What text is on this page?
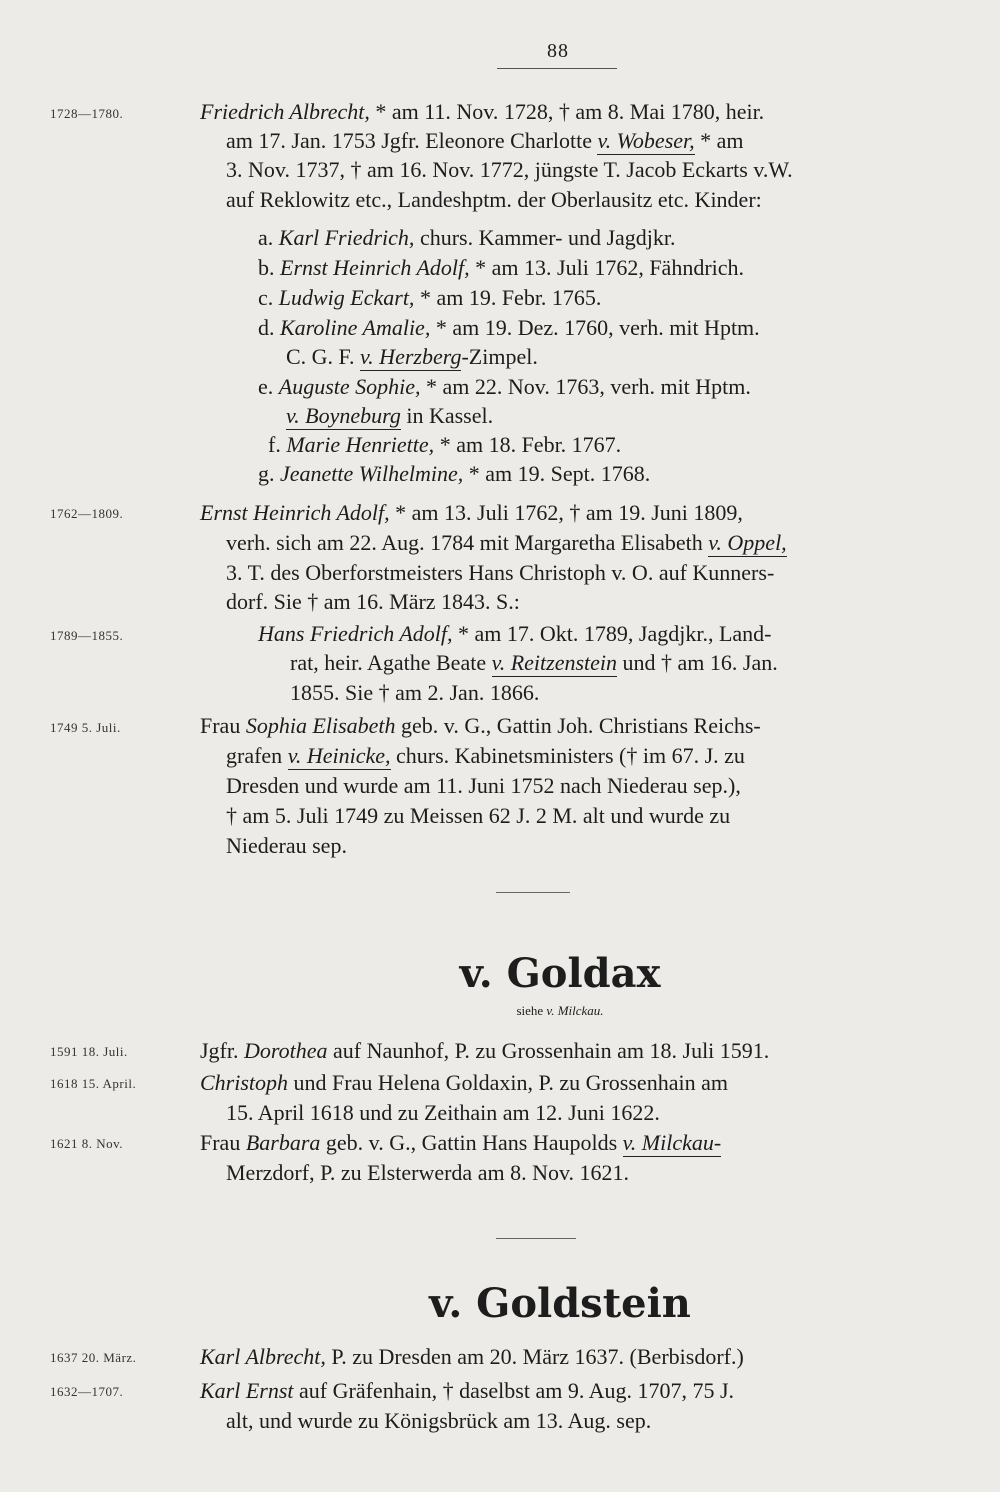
88
1728—1780.	Friedrich Albrecht, * am 11. Nov. 1728, † am 8. Mai 1780, heir.
am 17. Jan. 1753 Jgfr. Eleonore Charlotte v. Wobeser, * am
3. Nov. 1737, † am 16. Nov. 1772, jüngste T. Jacob Eckarts v.W.
auf Reklowitz etc., Landeshptm. der Oberlausitz etc. Kinder:
a. Karl Friedrich, churs. Kammer- und Jagdjkr.
b. Ernst Heinrich Adolf, * am 13. Juli 1762, Fähndrich.
c. Ludwig Eckart, * am 19. Febr. 1765.
d. Karoline Amalie, * am 19. Dez. 1760, verh. mit Hptm.
C. G. F. v. Herzberg-Zimpel.
e. Auguste Sophie, * am 22. Nov. 1763, verh. mit Hptm.
v. Boyneburg in Kassel.
f. Marie Henriette, * am 18. Febr. 1767.
g. Jeanette Wilhelmine, * am 19. Sept. 1768.
1762—1809.	Ernst Heinrich Adolf, * am 13. Juli 1762, † am 19. Juni 1809,
verh. sich am 22. Aug. 1784 mit Margaretha Elisabeth v. Oppel,
3. T. des Oberforstmeisters Hans Christoph v. O. auf Kunners-
dorf. Sie † am 16. März 1843. S.:
1789—1855.	Hans Friedrich Adolf, * am 17. Okt. 1789, Jagdjkr., Land-
rat, heir. Agathe Beate v. Reitzenstein und † am 16. Jan.
1855. Sie † am 2. Jan. 1866.
1749 5. Juli.	Frau Sophia Elisabeth geb. v. G., Gattin Joh. Christians Reichs-
grafen v. Heinicke, churs. Kabinetsministers († im 67. J. zu
Dresden und wurde am 11. Juni 1752 nach Niederau sep.),
† am 5. Juli 1749 zu Meissen 62 J. 2 M. alt und wurde zu
Niederau sep.
v. Goldax
siehe v. Milckau.
1591 18. Juli.	Jgfr. Dorothea auf Naunhof, P. zu Grossenhain am 18. Juli 1591.
1618 15. April.	Christoph und Frau Helena Goldaxin, P. zu Grossenhain am
15. April 1618 und zu Zeithain am 12. Juni 1622.
1621 8. Nov.	Frau Barbara geb. v. G., Gattin Hans Haupolds v. Milckau-
Merzdorf, P. zu Elsterwerda am 8. Nov. 1621.
v. Goldstein
1637 20. März.	Karl Albrecht, P. zu Dresden am 20. März 1637. (Berbisdorf.)
1632—1707.	Karl Ernst auf Gräfenhain, † daselbst am 9. Aug. 1707, 75 J.
alt, und wurde zu Königsbrück am 13. Aug. sep.
